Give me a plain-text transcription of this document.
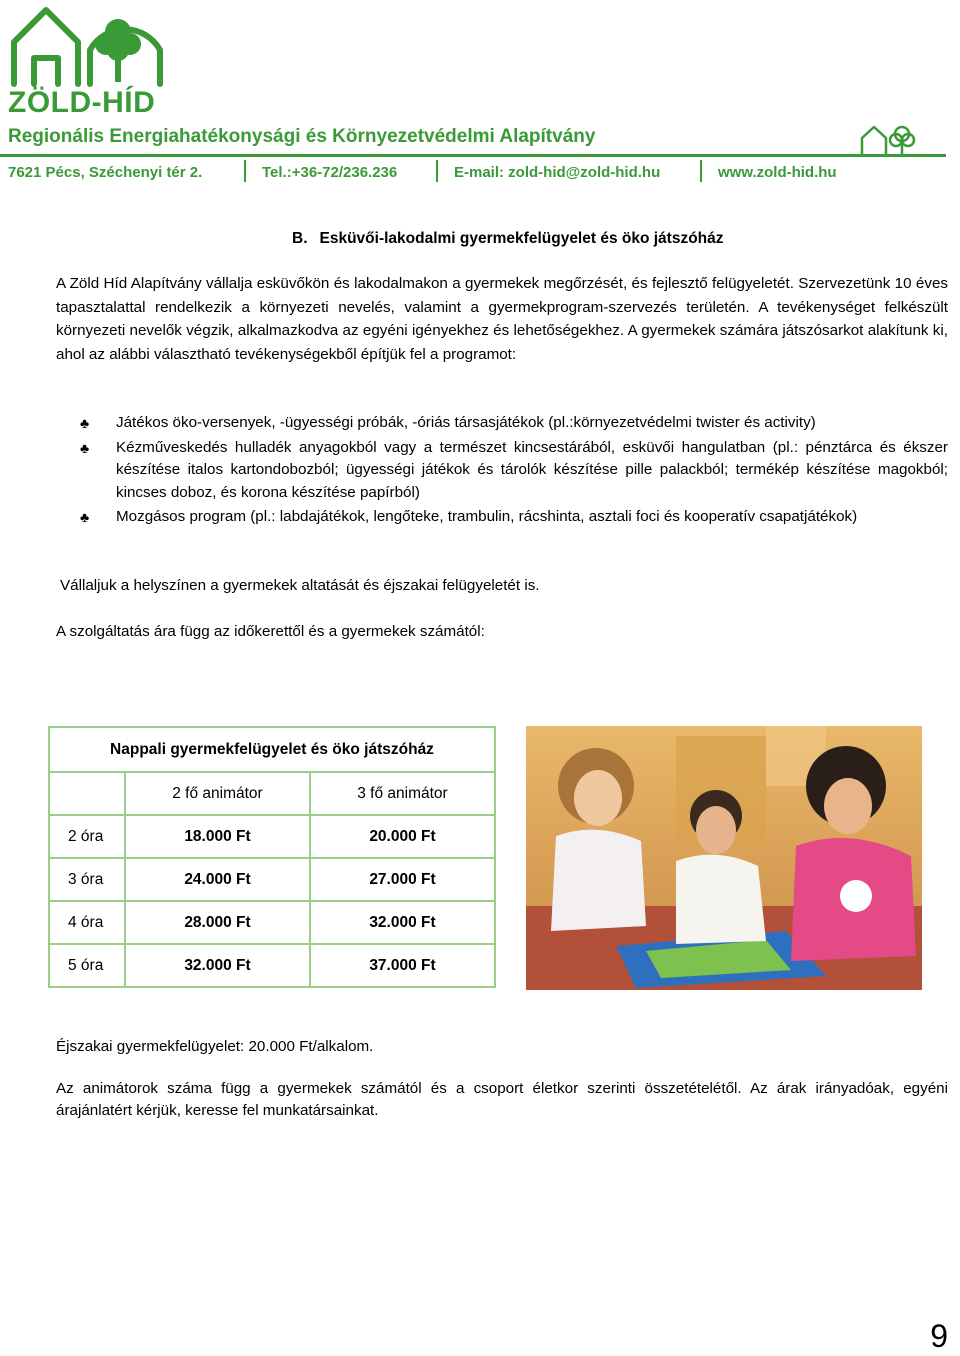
ZÖLD-HÍD
Regionális Energiahatékonysági és Környezetvédelmi Alapítvány
7621 Pécs, Széchenyi tér 2.	Tel.:+36-72/236.236	E-mail: zold-hid@zold-hid.hu	www.zold-hid.hu
B. Esküvői-lakodalmi gyermekfelügyelet és öko játszóház
A Zöld Híd Alapítvány vállalja esküvőkön és lakodalmakon a gyermekek megőrzését, és fejlesztő felügyeletét. Szervezetünk 10 éves tapasztalattal rendelkezik a környezeti nevelés, valamint a gyermekprogram-szervezés területén. A tevékenységet felkészült környezeti nevelők végzik, alkalmazkodva az egyéni igényekhez és lehetőségekhez. A gyermekek számára játszósarkot alakítunk ki, ahol az alábbi választható tevékenységekből építjük fel a programot:
♣ Játékos öko-versenyek, -ügyességi próbák, -óriás társasjátékok (pl.:környezetvédelmi twister és activity)
♣ Kézműveskedés hulladék anyagokból vagy a természet kincsestárából, esküvői hangulatban (pl.: pénztárca és ékszer készítése italos kartondobozból; ügyességi játékok és tárolók készítése pille palackból; termékép készítése magokból; kincses doboz, és korona készítése papírból)
♣ Mozgásos program (pl.: labdajátékok, lengőteke, trambulin, rácshinta, asztali foci és kooperatív csapatjátékok)
Vállaljuk a helyszínen a gyermekek altatását és éjszakai felügyeletét is.
A szolgáltatás ára függ az időkerettől és a gyermekek számától:
Nappali gyermekfelügyelet és öko játszóház		
	2 fő animátor	3 fő animátor
2 óra	18.000 Ft	20.000 Ft
3 óra	24.000 Ft	27.000 Ft
4 óra	28.000 Ft	32.000 Ft
5 óra	32.000 Ft	37.000 Ft
Éjszakai gyermekfelügyelet: 20.000 Ft/alkalom.
Az animátorok száma függ a gyermekek számától és a csoport életkor szerinti összetételétől. Az árak irányadóak, egyéni árajánlatért kérjük, keresse fel munkatársainkat.
9
